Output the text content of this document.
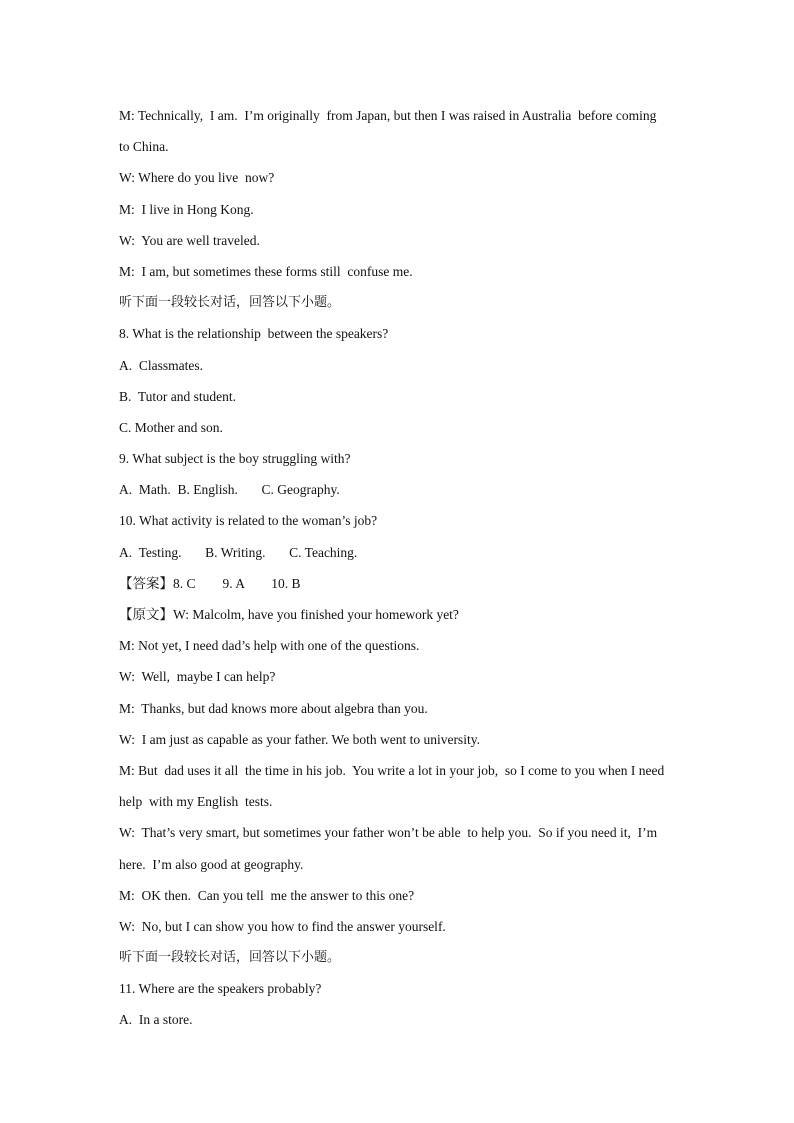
M: Technically,  I am.  I’m originally  from Japan, but then I was raised in Australia  before coming
to China.
W: Where do you live  now?
M:  I live in Hong Kong.
W:  You are well traveled.
M:  I am, but sometimes these forms still  confuse me.
听下面一段较长对话，回答以下小题。
8. What is the relationship  between the speakers?
A.  Classmates.
B.  Tutor and student.
C. Mother and son.
9. What subject is the boy struggling with?
A.  Math.  B. English.       C. Geography.
10. What activity is related to the woman’s job?
A.  Testing.       B. Writing.       C. Teaching.
【答案】8. C        9. A        10. B
【原文】W: Malcolm, have you finished your homework yet?
M: Not yet, I need dad’s help with one of the questions.
W:  Well,  maybe I can help?
M:  Thanks, but dad knows more about algebra than you.
W:  I am just as capable as your father. We both went to university.
M: But  dad uses it all  the time in his job.  You write a lot in your job,  so I come to you when I need
help  with my English  tests.
W:  That’s very smart, but sometimes your father won’t be able  to help you.  So if you need it,  I’m
here.  I’m also good at geography.
M:  OK then.  Can you tell  me the answer to this one?
W:  No, but I can show you how to find the answer yourself.
听下面一段较长对话，回答以下小题。
11. Where are the speakers probably?
A.  In a store.
